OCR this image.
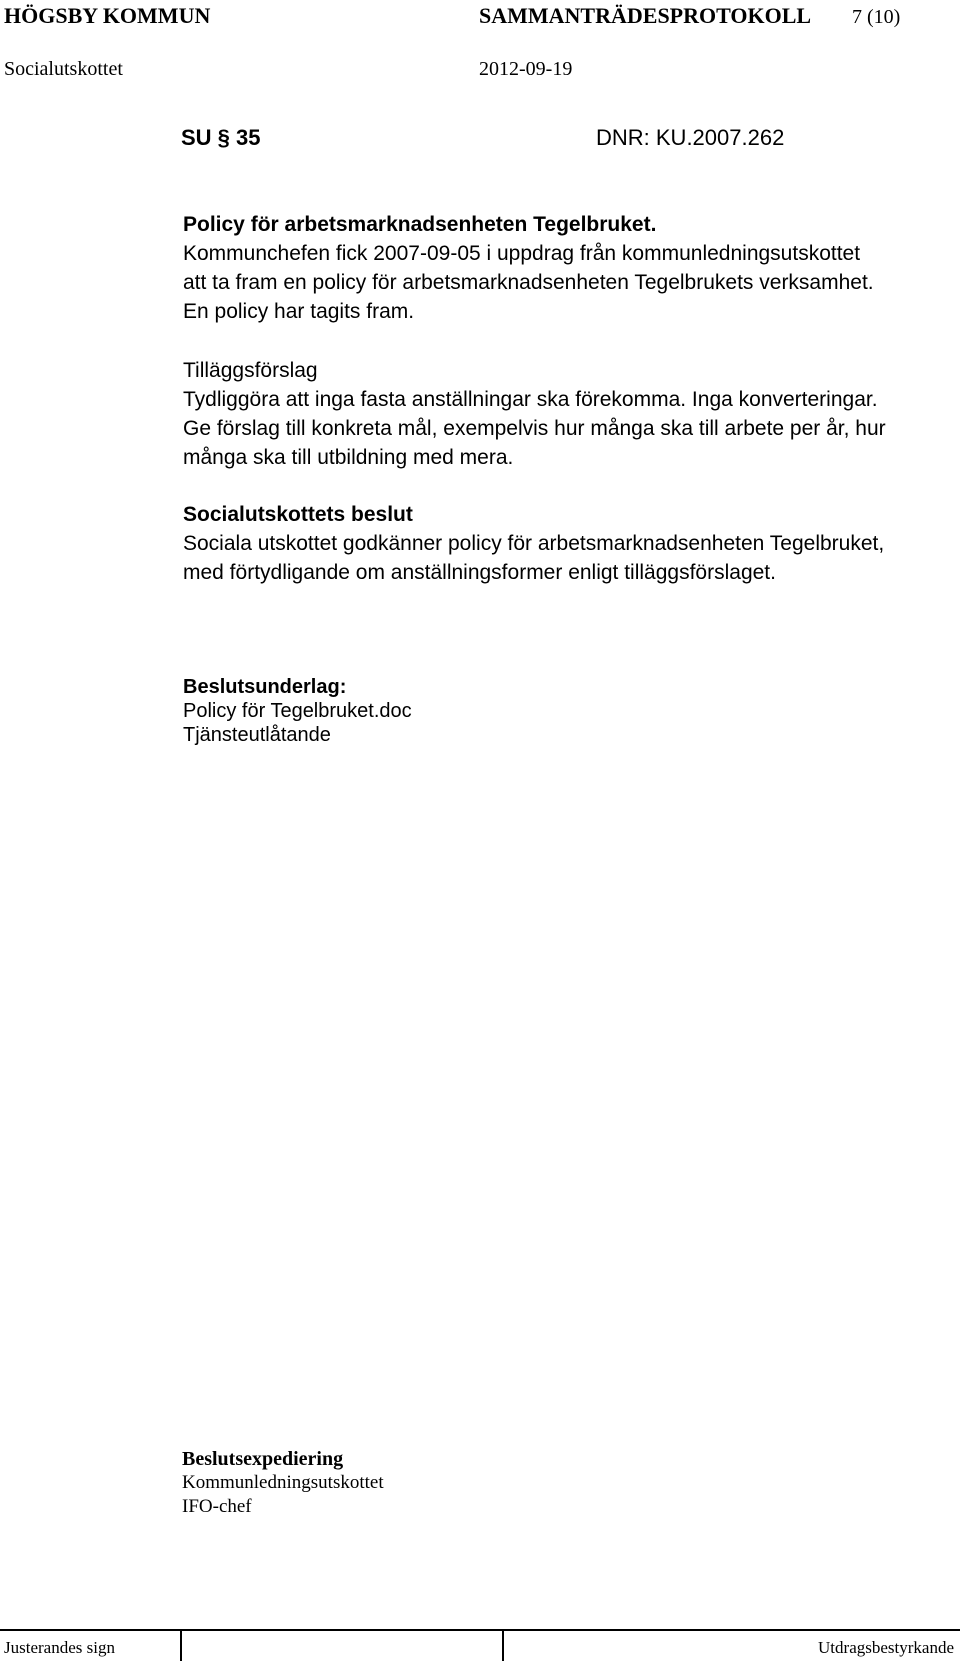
HÖGSBY KOMMUN	SAMMANTRÄDESPROTOKOLL 7 (10)
Socialutskottet	2012-09-19
SU § 35	DNR: KU.2007.262
Policy för arbetsmarknadsenheten Tegelbruket.
Kommunchefen fick 2007-09-05 i uppdrag från kommunledningsutskottet
att ta fram en policy för arbetsmarknadsenheten Tegelbrukets verksamhet.
En policy har tagits fram.
Tilläggsförslag
Tydliggöra att inga fasta anställningar ska förekomma. Inga konverteringar.
Ge förslag till konkreta mål, exempelvis hur många ska till arbete per år, hur
många ska till utbildning med mera.
Socialutskottets beslut
Sociala utskottet godkänner policy för arbetsmarknadsenheten Tegelbruket,
med förtydligande om anställningsformer enligt tilläggsförslaget.
Beslutsunderlag:
Policy för Tegelbruket.doc
Tjänsteutlåtande
Beslutsexpediering
Kommunledningsutskottet
IFO-chef
Justerandes sign	Utdragsbestyrkande
